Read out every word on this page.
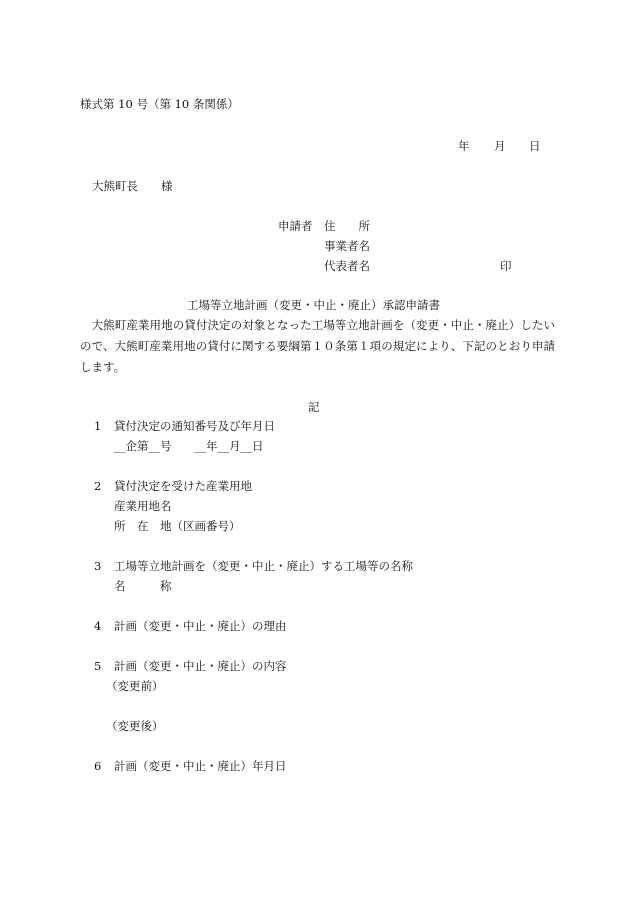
様式第 10 号（第 10 条関係）
年 月 日
大熊町長　　様
申請者 住　　所
事業者名
代表者名	印
工場等立地計画（変更・中止・廃止）承認申請書
　大熊町産業用地の貸付決定の対象となった工場等立地計画を（変更・中止・廃止）したいので、大熊町産業用地の貸付に関する要綱第１０条第１項の規定により、下記のとおり申請します。
記
1 貸付決定の通知番号及び年月日
__企第__号　　__年__月__日
2 貸付決定を受けた産業用地
産業用地名
所　在　地（区画番号）
3 工場等立地計画を（変更・中止・廃止）する工場等の名称
名　　　称
4 計画（変更・中止・廃止）の理由
5 計画（変更・中止・廃止）の内容
（変更前）
（変更後）
6 計画（変更・中止・廃止）年月日
